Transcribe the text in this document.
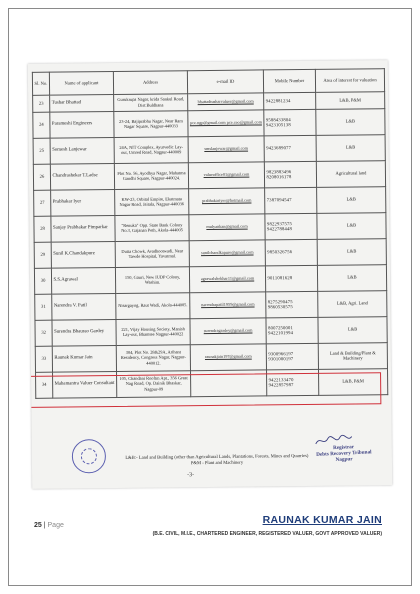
Sl. No.	Name of applicant	Address	e-mail ID	Mobile Number	Area of interest for valuation
23	Tushar Bhattad	Gurukrupa Nagar, krida Sankul Road, Dist:Buldhana	bhattadtusharvaluer@gmail.com	9422881234	L&B, P&M
24	Parameshi Engineers	23-24, Bajiprabhu Nagar, Near Ram Nagar Square, Nagpur-440033	pce.ngp@gmail.com pce.ceo@gmail.com	9588433804 9423105138	L&B
25	Somesh Lanjewar	24A, NIT Complex, Ayurvedic Lay-out, Umred Road, Nagpur-440009	smslanjewar@gmail.com	9423689077	L&B
26	Chandrashekar T.Ladse	Plot No. 56, Ayodhya Nagar, Mahatma Gandhi Square, Nagpur-440024.	valueoffice01@gmail.com	9823883496 8208016178	Agricultural land
27	Prabhakar Iyer	KW-23, Orbital Empire, Ekatmata Nagar Road, Jaitala, Nagpur-440036	prabhakariyer@hotmail.com	7387094547	L&B
28	Sanjay Prabhakar Pimparkar	"Renuka" Opp. State Bank Colony No.3, Gajanan Peth, Akola-444005	mulyankan@gmail.com	9822937575 9422788448	L&B
29	Sunil K.Chandakpure	Dutta Chowk, Avadhootwadi, Near Tawde Hospital, Yavatmal.	sunilchandkapure@gmail.com	9850326756	L&B
30	S.S.Agrawal	150, Gauri, New IUDP Colony, Washim.	agrawalshekhar11@gmail.com	9011081628	L&B
31	Narendra V. Patil	Nisargayog, Raut Wadi, Akola-444005.	narendrapatil1959@gmail.com	8275290475 9860530575	L&B, Agri. Land
32	Surendra Bhaurao Gardey	221, Vijay Housing Society, Manish Lay-out, Bhamtee Nagpur-440022	surendragardey@gmail.com	8007250001 9422101994	L&B
33	Raunak Kumar Jain	304, Plot No. 28&29A, Arihant Residency, Congress Nagar, Nagpur-440012.	raunakjain197@gmail.com	9300966197 9301000197	Land & Building/Plant & Machinery
34	Mahamantra Valuer Consultant	105, Chandani Rooftm Apt., 356 Great Nag Road, Op. Dainik Bhaskar, Nagpur-09		9422133470 9422857987	L&B, P&M
Registrar
Debts Recovery Tribunal
Nagpur
L&B:- Land and Building (other than Agricultural Lands, Plantations, Forests, Mines and Quarries)
P&M - Plant and Machinery
-3-
25 | Page	RAUNAK KUMAR JAIN
(B.E. CIVIL, M.I.E., CHARTERED ENGINEER, REGISTERED VALUER, GOVT APPROVED VALUER)
